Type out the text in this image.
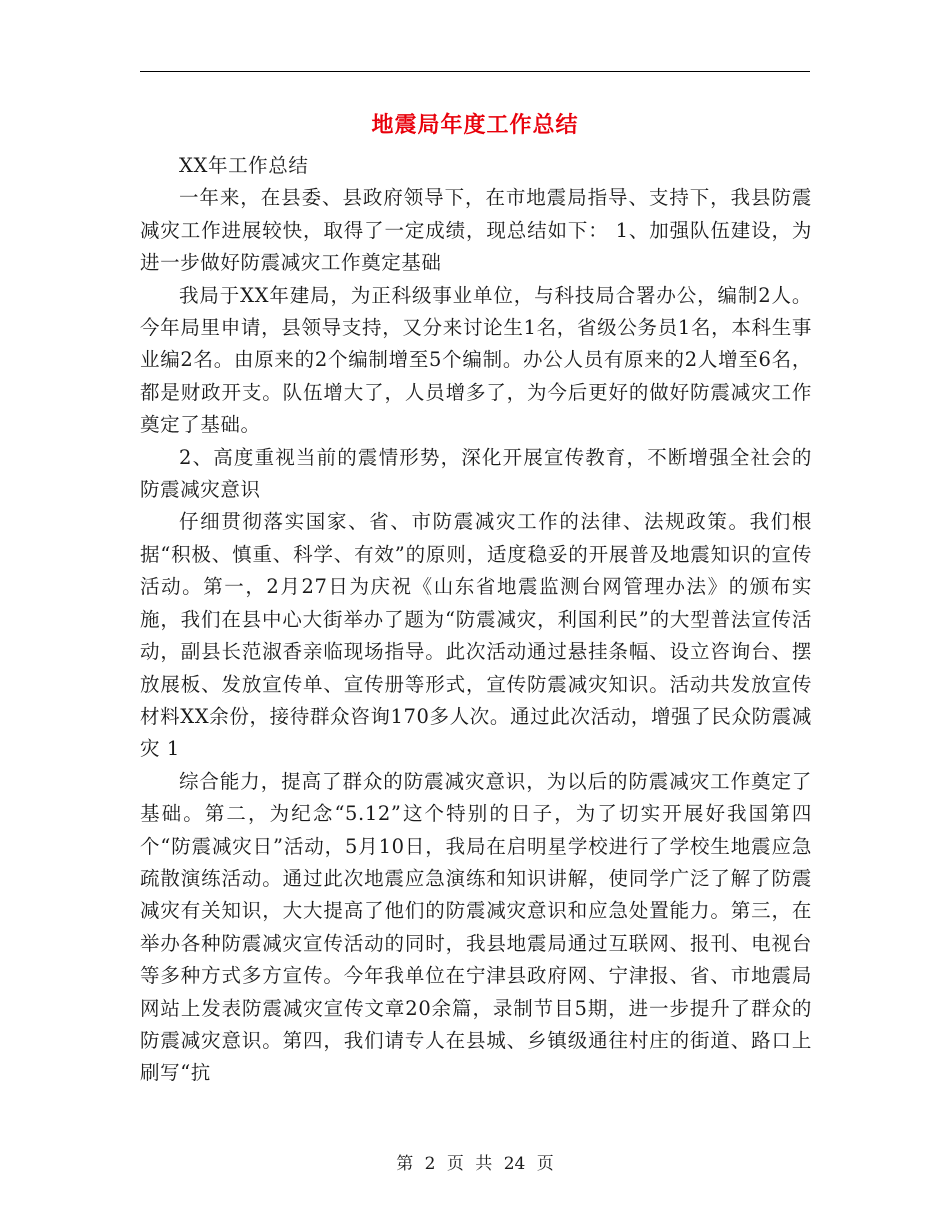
地震局年度工作总结

XX年工作总结

一年来，在县委、县政府领导下，在市地震局指导、支持下，我县防震减灾工作进展较快，取得了一定成绩，现总结如下： 1、加强队伍建设，为进一步做好防震减灾工作奠定基础

我局于XX年建局，为正科级事业单位，与科技局合署办公，编制2人。今年局里申请，县领导支持，又分来讨论生1名，省级公务员1名，本科生事业编2名。由原来的2个编制增至5个编制。办公人员有原来的2人增至6名，都是财政开支。队伍增大了，人员增多了，为今后更好的做好防震减灾工作奠定了基础。

2、高度重视当前的震情形势，深化开展宣传教育，不断增强全社会的防震减灾意识

仔细贯彻落实国家、省、市防震减灾工作的法律、法规政策。我们根据“积极、慎重、科学、有效”的原则，适度稳妥的开展普及地震知识的宣传活动。第一，2月27日为庆祝《山东省地震监测台网管理办法》的颁布实施，我们在县中心大街举办了题为“防震减灾，利国利民”的大型普法宣传活动，副县长范淑香亲临现场指导。此次活动通过悬挂条幅、设立咨询台、摆放展板、发放宣传单、宣传册等形式，宣传防震减灾知识。活动共发放宣传材料XX余份，接待群众咨询170多人次。通过此次活动，增强了民众防震减灾 1

综合能力，提高了群众的防震减灾意识，为以后的防震减灾工作奠定了基础。第二，为纪念“5.12”这个特别的日子，为了切实开展好我国第四个“防震减灾日”活动，5月10日，我局在启明星学校进行了学校生地震应急疏散演练活动。通过此次地震应急演练和知识讲解，使同学广泛了解了防震减灾有关知识，大大提高了他们的防震减灾意识和应急处置能力。第三，在举办各种防震减灾宣传活动的同时，我县地震局通过互联网、报刊、电视台等多种方式多方宣传。今年我单位在宁津县政府网、宁津报、省、市地震局网站上发表防震减灾宣传文章20余篇，录制节目5期，进一步提升了群众的防震减灾意识。第四，我们请专人在县城、乡镇级通往村庄的街道、路口上刷写“抗

第 2 页 共 24 页
